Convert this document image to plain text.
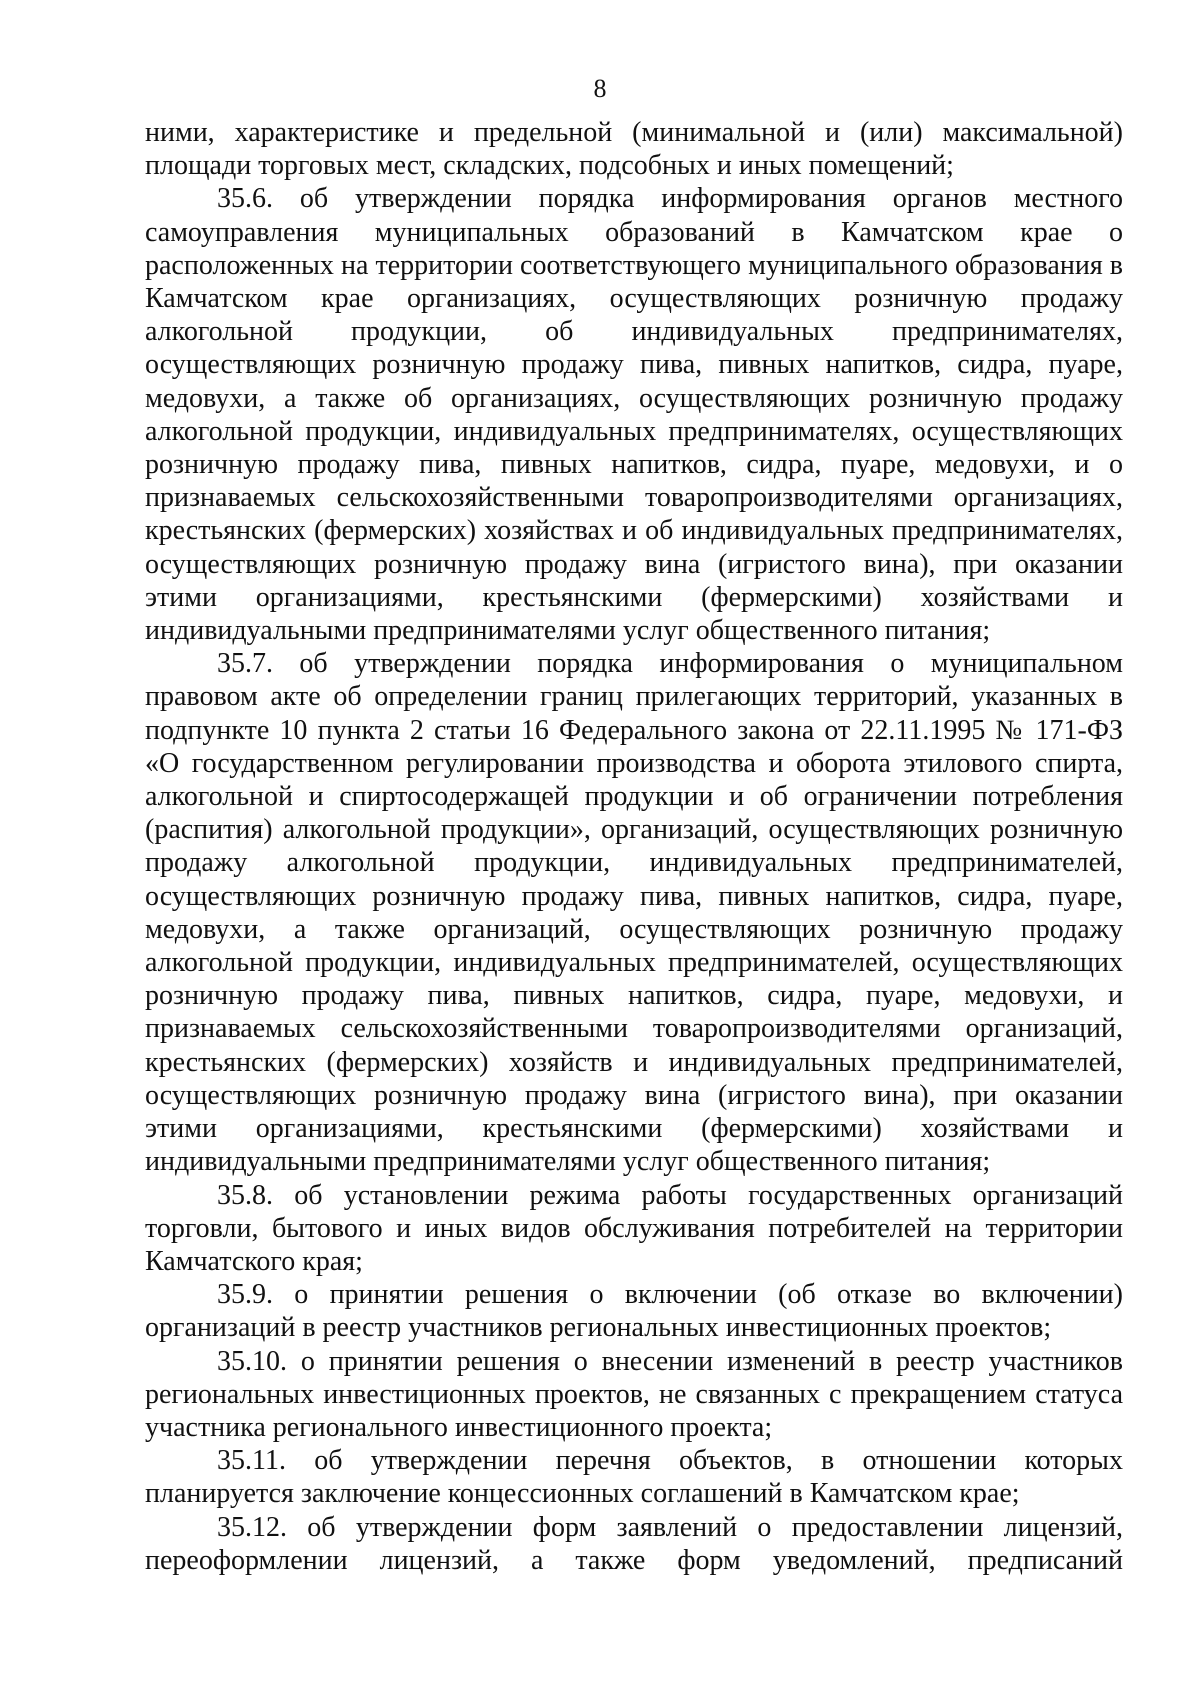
8

ними, характеристике и предельной (минимальной и (или) максимальной) площади торговых мест, складских, подсобных и иных помещений;

35.6. об утверждении порядка информирования органов местного самоуправления муниципальных образований в Камчатском крае о расположенных на территории соответствующего муниципального образования в Камчатском крае организациях, осуществляющих розничную продажу алкогольной продукции, об индивидуальных предпринимателях, осуществляющих розничную продажу пива, пивных напитков, сидра, пуаре, медовухи, а также об организациях, осуществляющих розничную продажу алкогольной продукции, индивидуальных предпринимателях, осуществляющих розничную продажу пива, пивных напитков, сидра, пуаре, медовухи, и о признаваемых сельскохозяйственными товаропроизводителями организациях, крестьянских (фермерских) хозяйствах и об индивидуальных предпринимателях, осуществляющих розничную продажу вина (игристого вина), при оказании этими организациями, крестьянскими (фермерскими) хозяйствами и индивидуальными предпринимателями услуг общественного питания;

35.7. об утверждении порядка информирования о муниципальном правовом акте об определении границ прилегающих территорий, указанных в подпункте 10 пункта 2 статьи 16 Федерального закона от 22.11.1995 № 171-ФЗ «О государственном регулировании производства и оборота этилового спирта, алкогольной и спиртосодержащей продукции и об ограничении потребления (распития) алкогольной продукции», организаций, осуществляющих розничную продажу алкогольной продукции, индивидуальных предпринимателей, осуществляющих розничную продажу пива, пивных напитков, сидра, пуаре, медовухи, а также организаций, осуществляющих розничную продажу алкогольной продукции, индивидуальных предпринимателей, осуществляющих розничную продажу пива, пивных напитков, сидра, пуаре, медовухи, и признаваемых сельскохозяйственными товаропроизводителями организаций, крестьянских (фермерских) хозяйств и индивидуальных предпринимателей, осуществляющих розничную продажу вина (игристого вина), при оказании этими организациями, крестьянскими (фермерскими) хозяйствами и индивидуальными предпринимателями услуг общественного питания;

35.8. об установлении режима работы государственных организаций торговли, бытового и иных видов обслуживания потребителей на территории Камчатского края;

35.9. о принятии решения о включении (об отказе во включении) организаций в реестр участников региональных инвестиционных проектов;

35.10. о принятии решения о внесении изменений в реестр участников региональных инвестиционных проектов, не связанных с прекращением статуса участника регионального инвестиционного проекта;

35.11. об утверждении перечня объектов, в отношении которых планируется заключение концессионных соглашений в Камчатском крае;

35.12. об утверждении форм заявлений о предоставлении лицензий, переоформлении лицензий, а также форм уведомлений, предписаний
